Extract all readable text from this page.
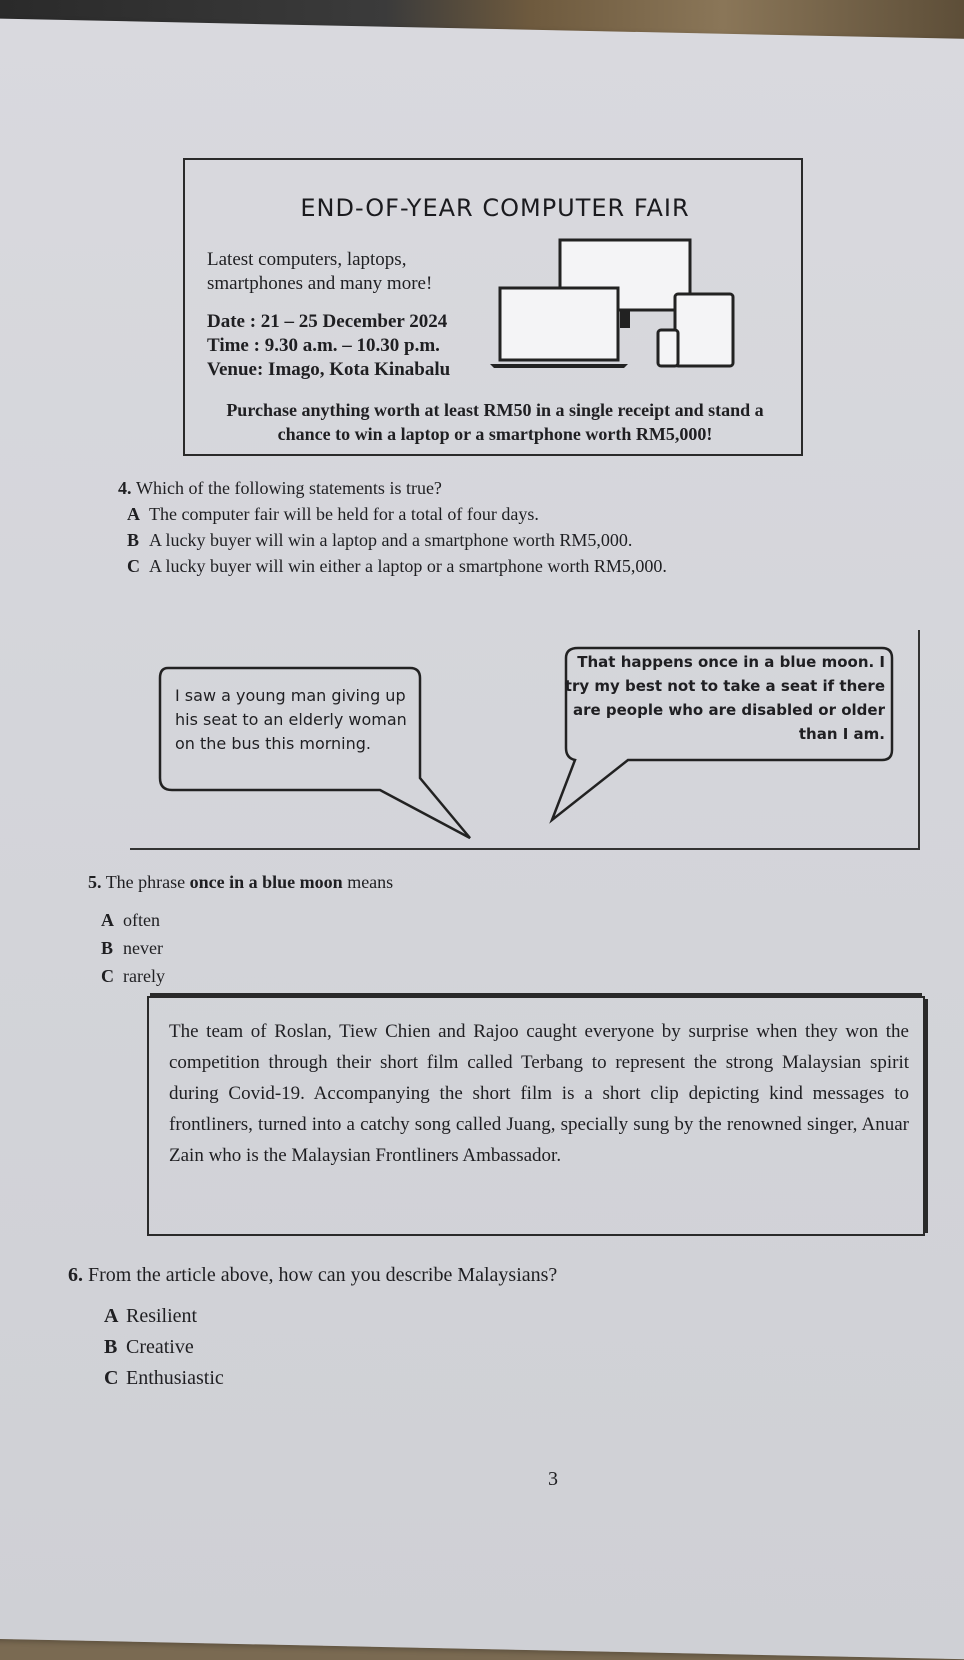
END-OF-YEAR COMPUTER FAIR
Latest computers, laptops,
smartphones and many more!
Date : 21 – 25 December 2024
Time : 9.30 a.m. – 10.30 p.m.
Venue: Imago, Kota Kinabalu
Purchase anything worth at least RM50 in a single receipt and stand a
chance to win a laptop or a smartphone worth RM5,000!
4. Which of the following statements is true?
A The computer fair will be held for a total of four days.
B A lucky buyer will win a laptop and a smartphone worth RM5,000.
C A lucky buyer will win either a laptop or a smartphone worth RM5,000.
I saw a young man giving up his seat to an elderly woman on the bus this morning.
That happens once in a blue moon. I try my best not to take a seat if there are people who are disabled or older than I am.
5. The phrase once in a blue moon means
A often
B never
C rarely
The team of Roslan, Tiew Chien and Rajoo caught everyone by surprise when they won the competition through their short film called Terbang to represent the strong Malaysian spirit during Covid-19. Accompanying the short film is a short clip depicting kind messages to frontliners, turned into a catchy song called Juang, specially sung by the renowned singer, Anuar Zain who is the Malaysian Frontliners Ambassador.
6. From the article above, how can you describe Malaysians?
A Resilient
B Creative
C Enthusiastic
3
